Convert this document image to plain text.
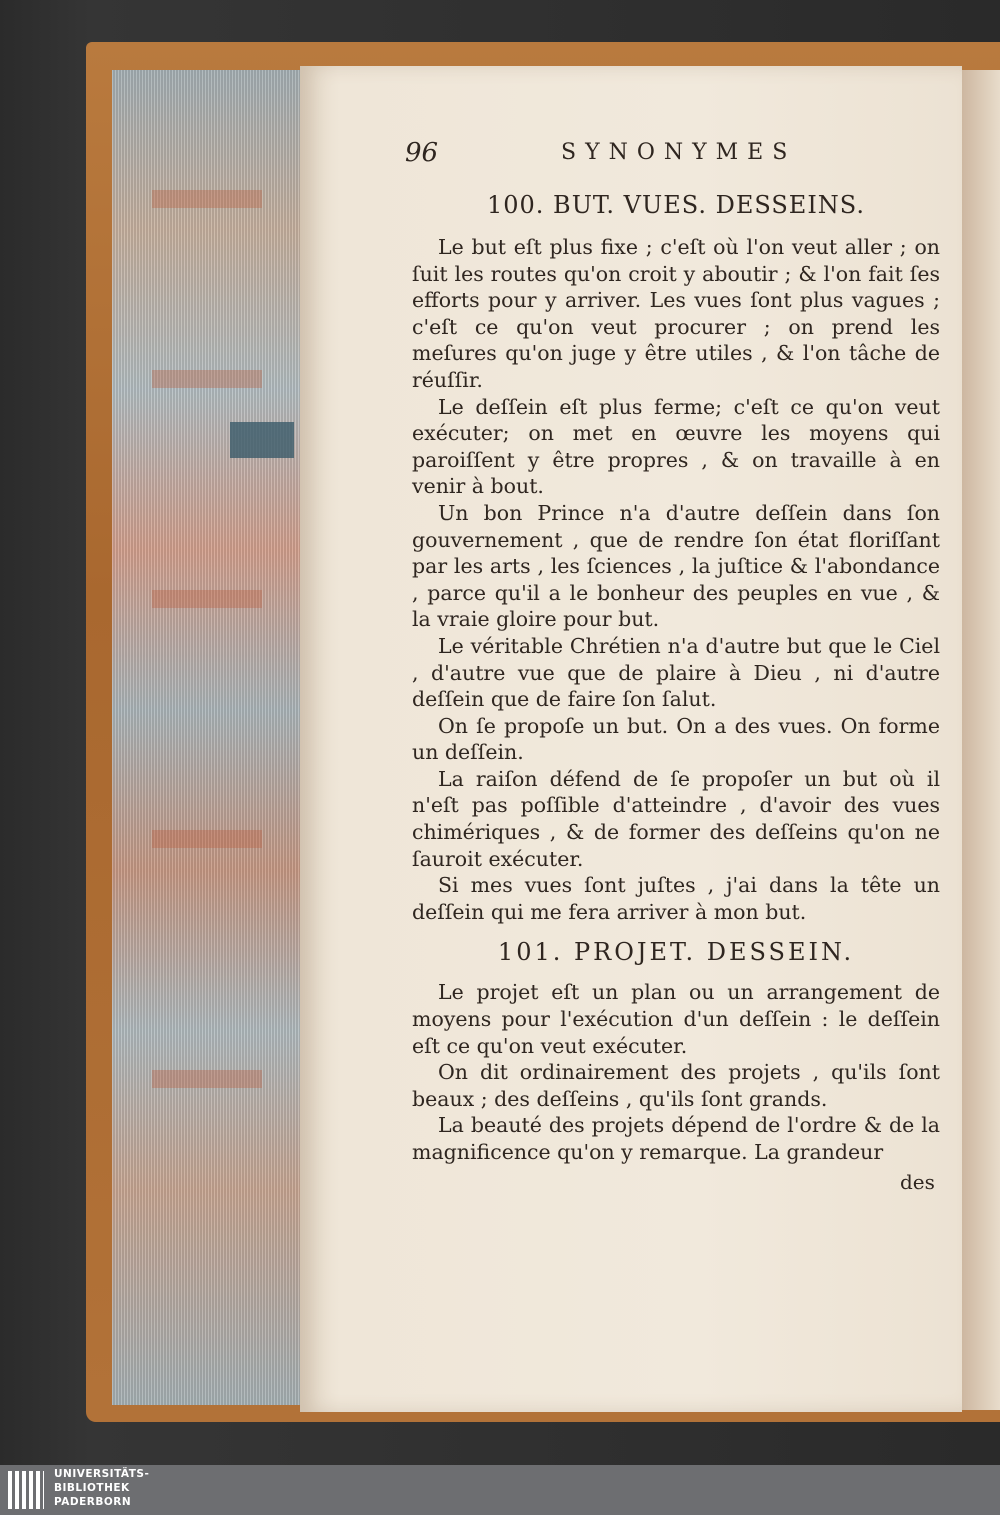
96	SYNONYMES
100. BUT. VUES. DESSEINS.

Le but eſt plus fixe ; c'eſt où l'on veut aller ; on ſuit les routes qu'on croit y aboutir ; & l'on fait ſes efforts pour y arriver. Les vues ſont plus vagues ; c'eſt ce qu'on veut procurer ; on prend les meſures qu'on juge y être utiles , & l'on tâche de réuſſir.

Le deſſein eſt plus ferme; c'eſt ce qu'on veut exécuter; on met en œuvre les moyens qui paroiſſent y être propres , & on travaille à en venir à bout.

Un bon Prince n'a d'autre deſſein dans ſon gouvernement , que de rendre ſon état floriſſant par les arts , les ſciences , la juſtice & l'abondance , parce qu'il a le bonheur des peuples en vue , & la vraie gloire pour but.

Le véritable Chrétien n'a d'autre but que le Ciel , d'autre vue que de plaire à Dieu , ni d'autre deſſein que de faire ſon ſalut.

On ſe propoſe un but. On a des vues. On forme un deſſein.

La raiſon défend de ſe propoſer un but où il n'eſt pas poſſible d'atteindre , d'avoir des vues chimériques , & de former des deſſeins qu'on ne ſauroit exécuter.

Si mes vues ſont juſtes , j'ai dans la tête un deſſein qui me fera arriver à mon but.

101. PROJET. DESSEIN.

Le projet eſt un plan ou un arrangement de moyens pour l'exécution d'un deſſein : le deſſein eſt ce qu'on veut exécuter.

On dit ordinairement des projets , qu'ils ſont beaux ; des deſſeins , qu'ils ſont grands.

La beauté des projets dépend de l'ordre & de la magnificence qu'on y remarque. La grandeur

des
UNIVERSITÄTS-
BIBLIOTHEK
PADERBORN
